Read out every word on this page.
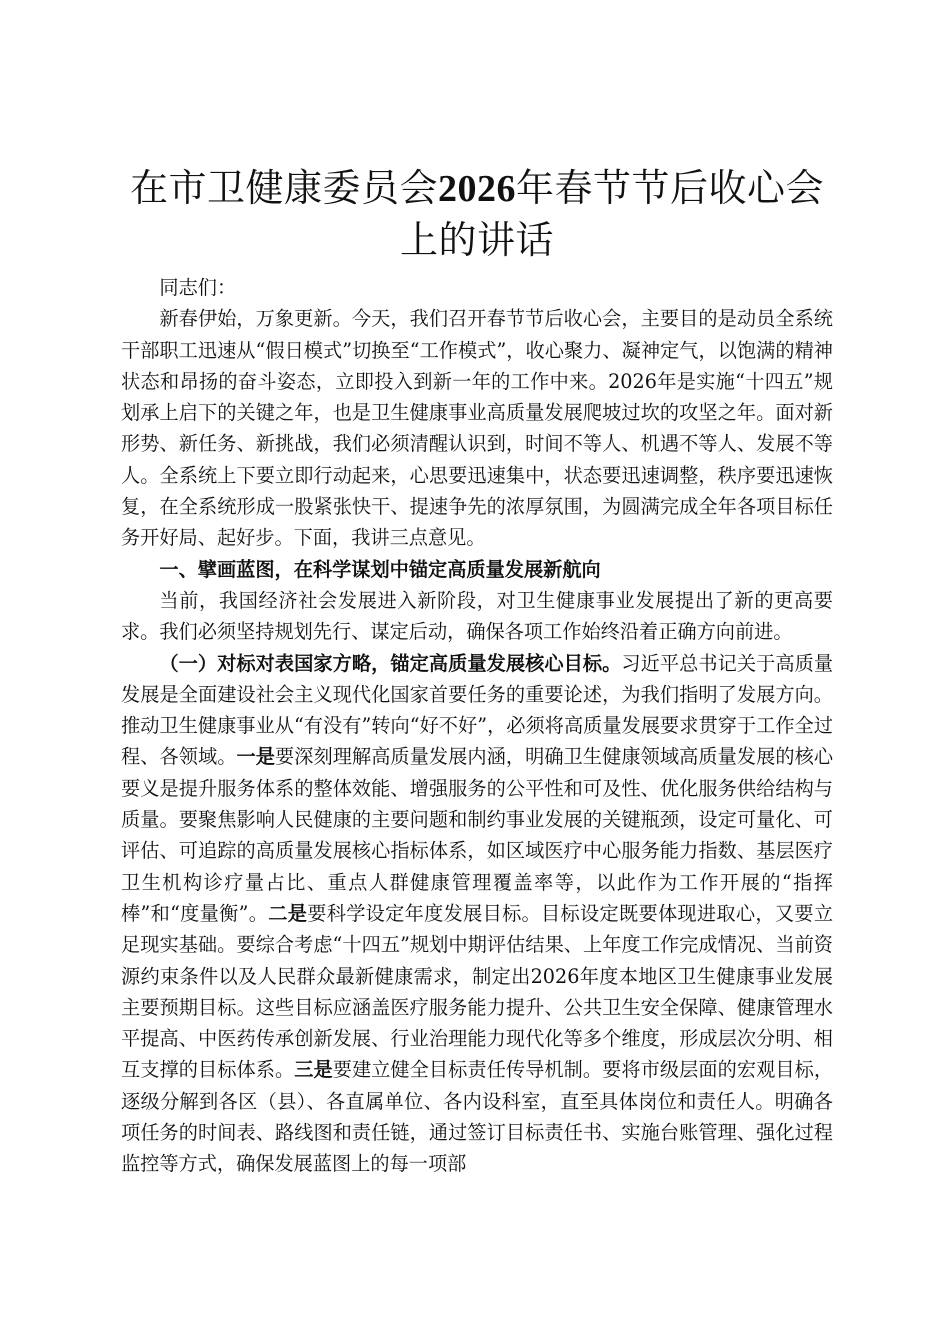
在市卫健康委员会2026年春节节后收心会上的讲话

同志们：

新春伊始，万象更新。今天，我们召开春节节后收心会，主要目的是动员全系统干部职工迅速从“假日模式”切换至“工作模式”，收心聚力、凝神定气，以饱满的精神状态和昂扬的奋斗姿态，立即投入到新一年的工作中来。2026年是实施“十四五”规划承上启下的关键之年，也是卫生健康事业高质量发展爬坡过坎的攻坚之年。面对新形势、新任务、新挑战，我们必须清醒认识到，时间不等人、机遇不等人、发展不等人。全系统上下要立即行动起来，心思要迅速集中，状态要迅速调整，秩序要迅速恢复，在全系统形成一股紧张快干、提速争先的浓厚氛围，为圆满完成全年各项目标任务开好局、起好步。下面，我讲三点意见。

一、擘画蓝图，在科学谋划中锚定高质量发展新航向

当前，我国经济社会发展进入新阶段，对卫生健康事业发展提出了新的更高要求。我们必须坚持规划先行、谋定后动，确保各项工作始终沿着正确方向前进。

（一）对标对表国家方略，锚定高质量发展核心目标。习近平总书记关于高质量发展是全面建设社会主义现代化国家首要任务的重要论述，为我们指明了发展方向。推动卫生健康事业从“有没有”转向“好不好”，必须将高质量发展要求贯穿于工作全过程、各领域。一是要深刻理解高质量发展内涵，明确卫生健康领域高质量发展的核心要义是提升服务体系的整体效能、增强服务的公平性和可及性、优化服务供给结构与质量。要聚焦影响人民健康的主要问题和制约事业发展的关键瓶颈，设定可量化、可评估、可追踪的高质量发展核心指标体系，如区域医疗中心服务能力指数、基层医疗卫生机构诊疗量占比、重点人群健康管理覆盖率等，以此作为工作开展的“指挥棒”和“度量衡”。二是要科学设定年度发展目标。目标设定既要体现进取心，又要立足现实基础。要综合考虑“十四五”规划中期评估结果、上年度工作完成情况、当前资源约束条件以及人民群众最新健康需求，制定出2026年度本地区卫生健康事业发展主要预期目标。这些目标应涵盖医疗服务能力提升、公共卫生安全保障、健康管理水平提高、中医药传承创新发展、行业治理能力现代化等多个维度，形成层次分明、相互支撑的目标体系。三是要建立健全目标责任传导机制。要将市级层面的宏观目标，逐级分解到各区（县）、各直属单位、各内设科室，直至具体岗位和责任人。明确各项任务的时间表、路线图和责任链，通过签订目标责任书、实施台账管理、强化过程监控等方式，确保发展蓝图上的每一项部
